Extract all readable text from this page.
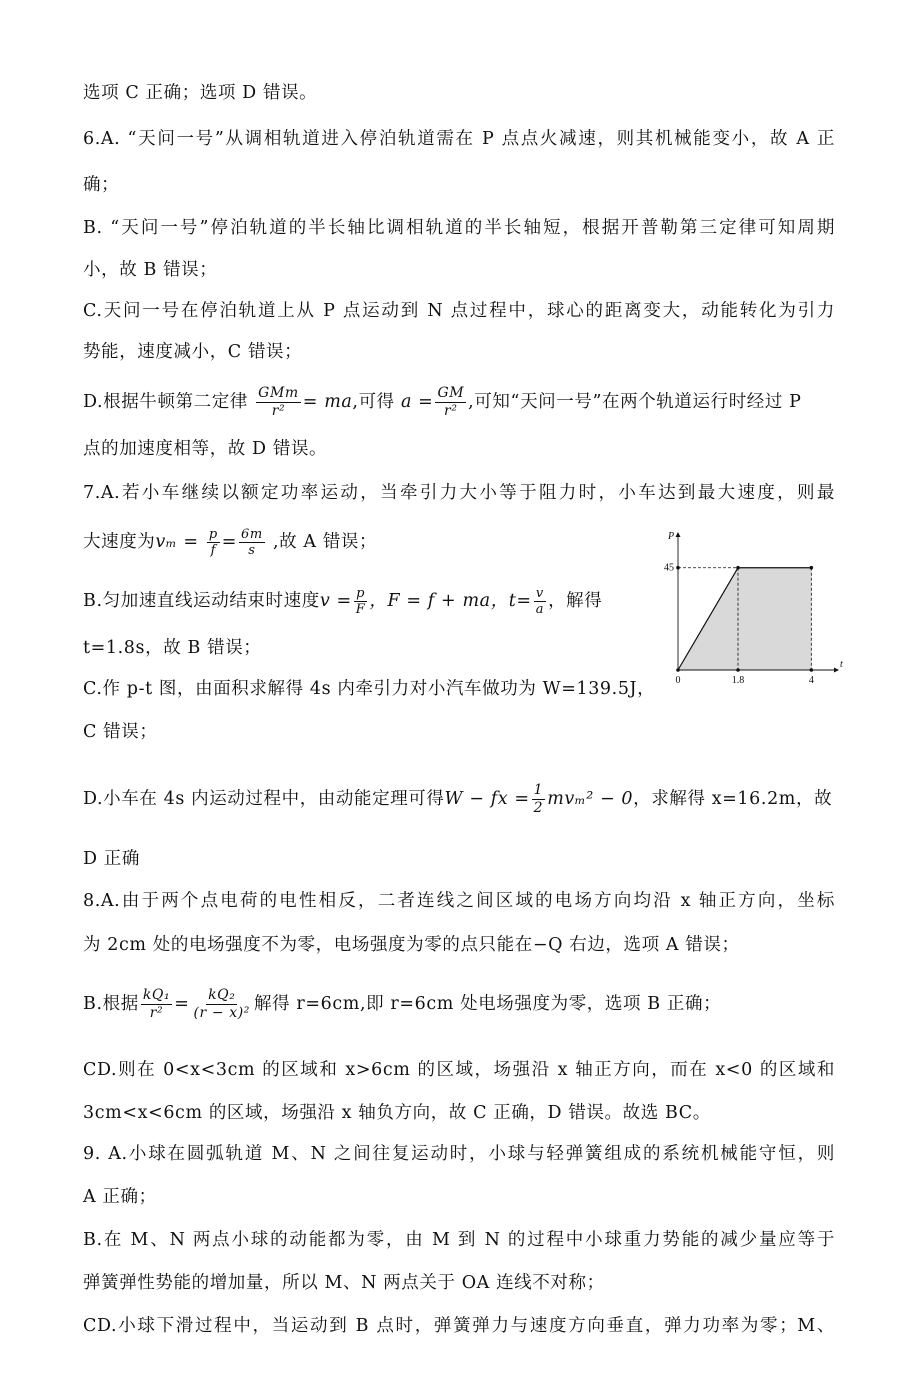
选项 C 正确；选项 D 错误。
6.A. “天问一号”从调相轨道进入停泊轨道需在 P 点点火减速，则其机械能变小，故 A 正
确；
B. “天问一号”停泊轨道的半长轴比调相轨道的半长轴短，根据开普勒第三定律可知周期
小，故 B 错误；
C.天问一号在停泊轨道上从 P 点运动到 N 点过程中，球心的距离变大，动能转化为引力
势能，速度减小，C 错误；
D.根据牛顿第二定律 $\frac{\text{GMm}}{\text{r²}}$ = ma,可得 $a = \frac{GM}{\text{r²}}$ ,可知“天问一号”在两个轨道运行时经过 P
点的加速度相等，故 D 错误。
7.A.若小车继续以额定功率运动，当牵引力大小等于阻力时，小车达到最大速度，则最
大速度为$v_m = \frac{p}{f} = \frac{6m}{s}$ ,故 A 错误；
B.匀加速直线运动结束时速度$v = \frac{p}{F}$ ，F = f + ma，$t= \frac{v}{a}$ ，解得
t=1.8s，故 B 错误；
C.作 p-t 图，由面积求解得 4s 内牵引力对小汽车做功为 W=139.5J，
C 错误；
D.小车在 4s 内运动过程中，由动能定理可得W − fx = $\frac{1}{2} mv_m^2 - 0$，求解得 x=16.2m，故
D 正确
8.A.由于两个点电荷的电性相反，二者连线之间区域的电场方向均沿 x 轴正方向，坐标
为 2cm 处的电场强度不为零，电场强度为零的点只能在−Q 右边，选项 A 错误；
B.根据 $\frac{\text{kQ₁}}{\text{r²}} = \frac{\text{kQ₂}}{\text{(r − x)²}}$ 解得 r=6cm,即 r=6cm 处电场强度为零，选项 B 正确；
CD.则在 0<x<3cm 的区域和 x>6cm 的区域，场强沿 x 轴正方向，而在 x<0 的区域和
3cm<x<6cm 的区域，场强沿 x 轴负方向，故 C 正确，D 错误。故选 BC。
9. A.小球在圆弧轨道 M、N 之间往复运动时，小球与轻弹簧组成的系统机械能守恒，则
A 正确；
B.在 M、N 两点小球的动能都为零，由 M 到 N 的过程中小球重力势能的减少量应等于
弹簧弹性势能的增加量，所以 M、N 两点关于 OA 连线不对称；
CD.小球下滑过程中，当运动到 B 点时，弹簧弹力与速度方向垂直，弹力功率为零；M、
t
P
0	1.8	4
45
